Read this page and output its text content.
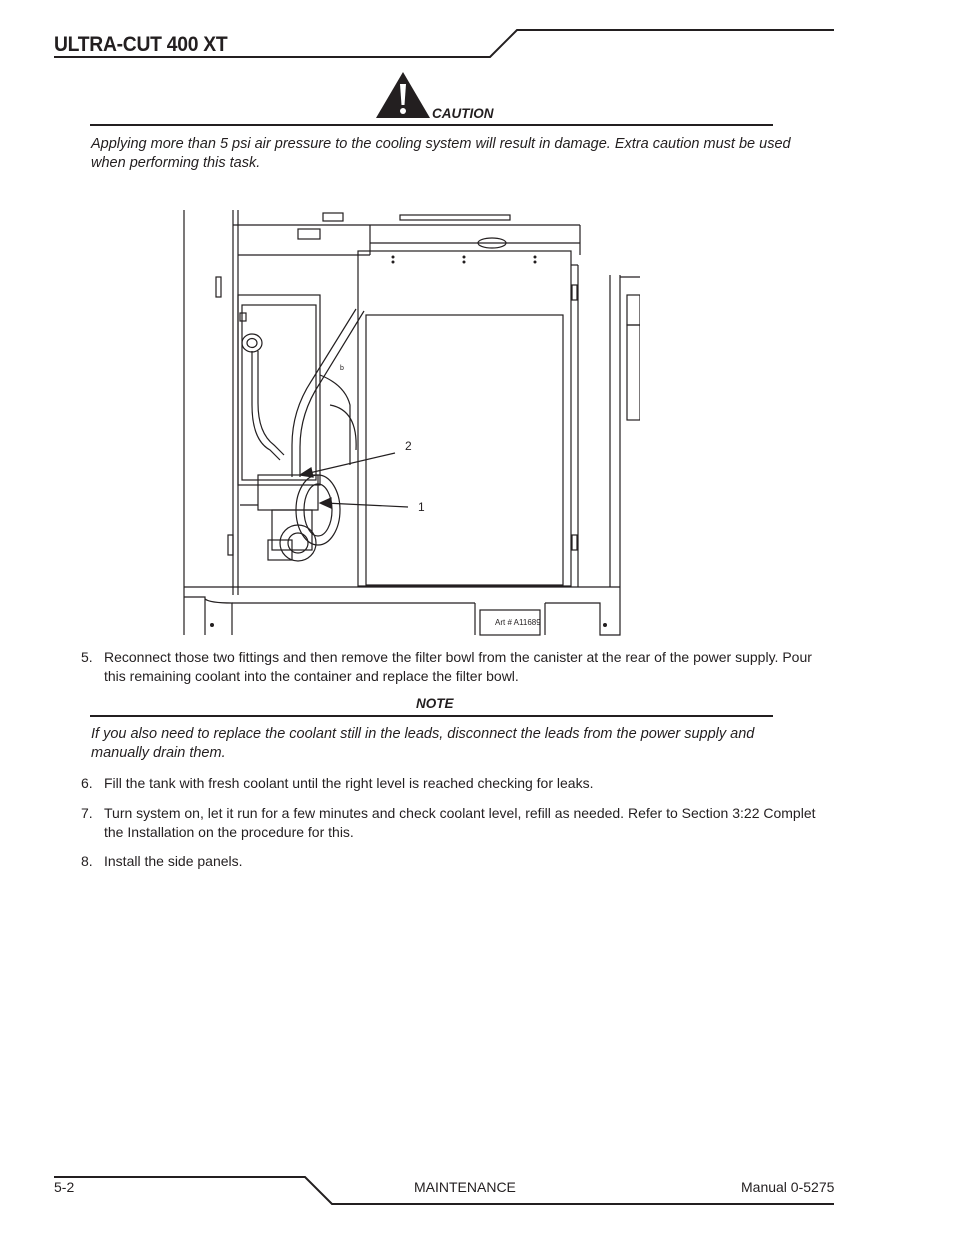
ULTRA-CUT 400 XT
CAUTION
Applying more than 5 psi air pressure to the cooling system will result in damage. Extra caution must be used when performing this task.
2
1
b
Art # A11689
5. Reconnect those two fittings and then remove the filter bowl from the canister at the rear of the power supply. Pour this remaining coolant into the container and replace the filter bowl.
NOTE
If you also need to replace the coolant still in the leads, disconnect the leads from the power supply and manually drain them.
6. Fill the tank with fresh coolant until the right level is reached checking for leaks.
7. Turn system on, let it run for a few minutes and check coolant level, refill as needed. Refer to Section 3:22 Complet the Installation on the procedure for this.
8. Install the side panels.
5-2	MAINTENANCE	Manual 0-5275
